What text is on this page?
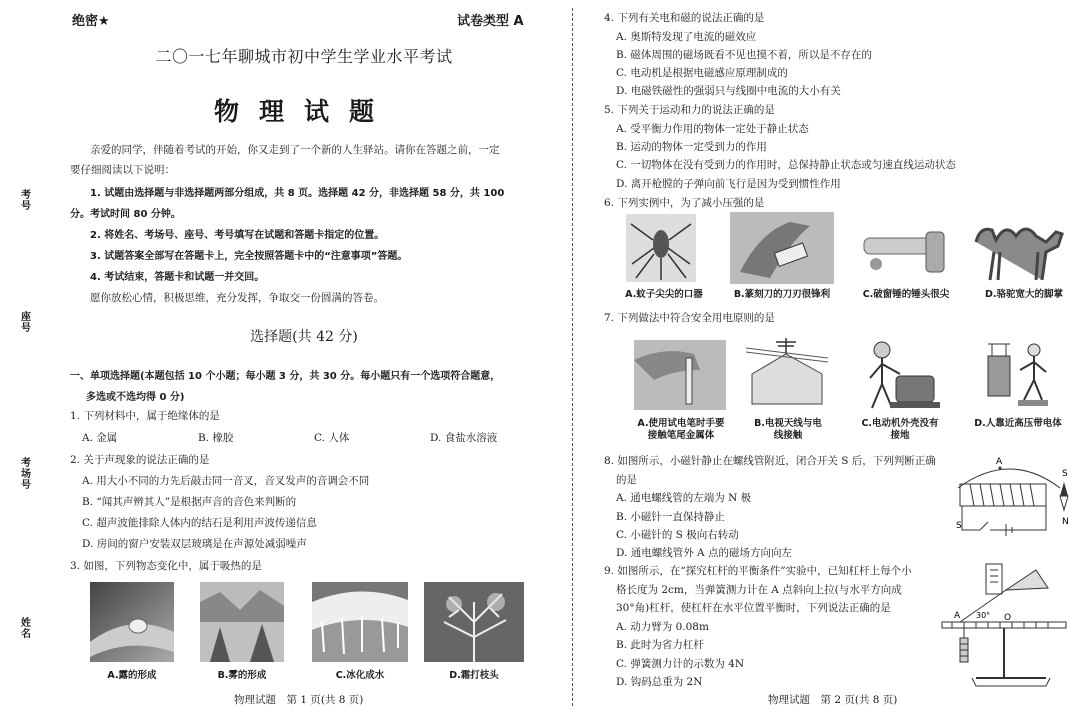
考号
座号
考场号
姓名
绝密★	试卷类型 A
二〇一七年聊城市初中学生学业水平考试
物理试题
亲爱的同学，伴随着考试的开始，你又走到了一个新的人生驿站。请你在答题之前，一定
要仔细阅读以下说明：
1. 试题由选择题与非选择题两部分组成，共 8 页。选择题 42 分，非选择题 58 分，共 100
分。考试时间 80 分钟。
2. 将姓名、考场号、座号、考号填写在试题和答题卡指定的位置。
3. 试题答案全部写在答题卡上，完全按照答题卡中的“注意事项”答题。
4. 考试结束，答题卡和试题一并交回。
愿你放松心情，积极思维，充分发挥，争取交一份圆满的答卷。
选择题(共 42 分)
一、单项选择题(本题包括 10 个小题；每小题 3 分，共 30 分。每小题只有一个选项符合题意，
多选或不选均得 0 分)
1. 下列材料中，属于绝缘体的是
A. 金属	B. 橡胶	C. 人体	D. 食盐水溶液
2. 关于声现象的说法正确的是
A. 用大小不同的力先后敲击同一音叉，音叉发声的音调会不同
B. “闻其声辨其人”是根据声音的音色来判断的
C. 超声波能排除人体内的结石是利用声波传递信息
D. 房间的窗户安装双层玻璃是在声源处减弱噪声
3. 如图，下列物态变化中，属于吸热的是
A.露的形成	B.雾的形成	C.冰化成水	D.霜打枝头
物理试题　第 1 页(共 8 页)
4. 下列有关电和磁的说法正确的是
A. 奥斯特发现了电流的磁效应
B. 磁体周围的磁场既看不见也摸不着，所以是不存在的
C. 电动机是根据电磁感应原理制成的
D. 电磁铁磁性的强弱只与线圈中电流的大小有关
5. 下列关于运动和力的说法正确的是
A. 受平衡力作用的物体一定处于静止状态
B. 运动的物体一定受到力的作用
C. 一切物体在没有受到力的作用时，总保持静止状态或匀速直线运动状态
D. 离开枪膛的子弹向前飞行是因为受到惯性作用
6. 下列实例中，为了减小压强的是
A.蚊子尖尖的口器	B.篆刻刀的刀刃很锋利	C.破窗锤的锤头很尖	D.骆驼宽大的脚掌
7. 下列做法中符合安全用电原则的是
A.使用试电笔时手要
接触笔尾金属体
B.电视天线与电
线接触
C.电动机外壳没有
接地
D.人靠近高压带电体
8. 如图所示，小磁针静止在螺线管附近，闭合开关 S 后，下列判断正确
的是
A. 通电螺线管的左端为 N 极
B. 小磁针一直保持静止
C. 小磁针的 S 极向右转动
D. 通电螺线管外 A 点的磁场方向向左
A
S
S
N
9. 如图所示，在“探究杠杆的平衡条件”实验中，已知杠杆上每个小
格长度为 2cm，当弹簧测力计在 A 点斜向上拉(与水平方向成
30°角)杠杆，使杠杆在水平位置平衡时，下列说法正确的是
A. 动力臂为 0.08m
B. 此时为省力杠杆
C. 弹簧测力计的示数为 4N
D. 钩码总重为 2N
A 30° O
物理试题　第 2 页(共 8 页)
